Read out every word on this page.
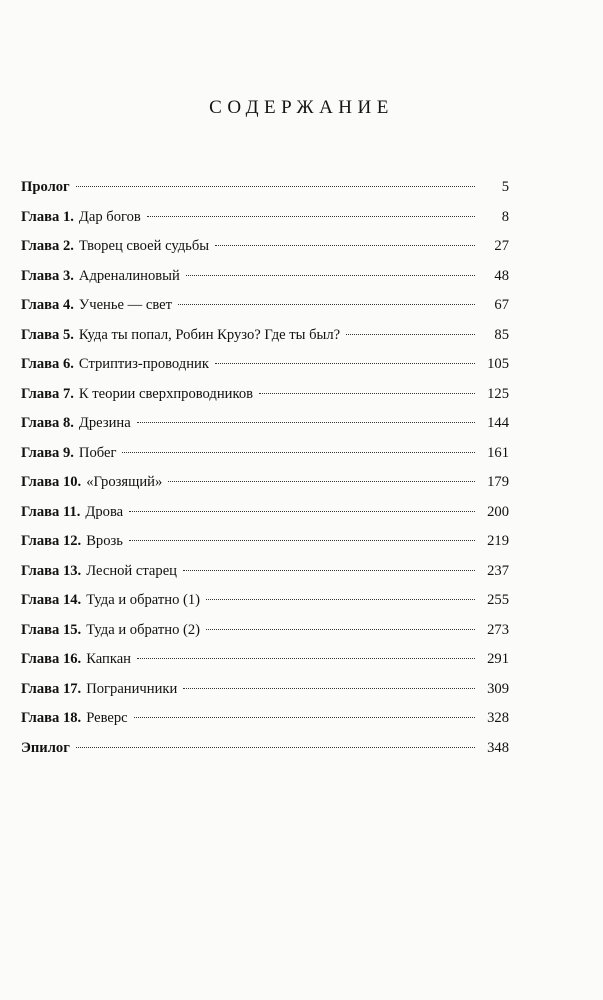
СОДЕРЖАНИЕ
Пролог	5
Глава 1. Дар богов	8
Глава 2. Творец своей судьбы	27
Глава 3. Адреналиновый	48
Глава 4. Ученье — свет	67
Глава 5. Куда ты попал, Робин Крузо? Где ты был?	85
Глава 6. Стриптиз-проводник	105
Глава 7. К теории сверхпроводников	125
Глава 8. Дрезина	144
Глава 9. Побег	161
Глава 10. «Грозящий»	179
Глава 11. Дрова	200
Глава 12. Врозь	219
Глава 13. Лесной старец	237
Глава 14. Туда и обратно (1)	255
Глава 15. Туда и обратно (2)	273
Глава 16. Капкан	291
Глава 17. Пограничники	309
Глава 18. Реверс	328
Эпилог	348
